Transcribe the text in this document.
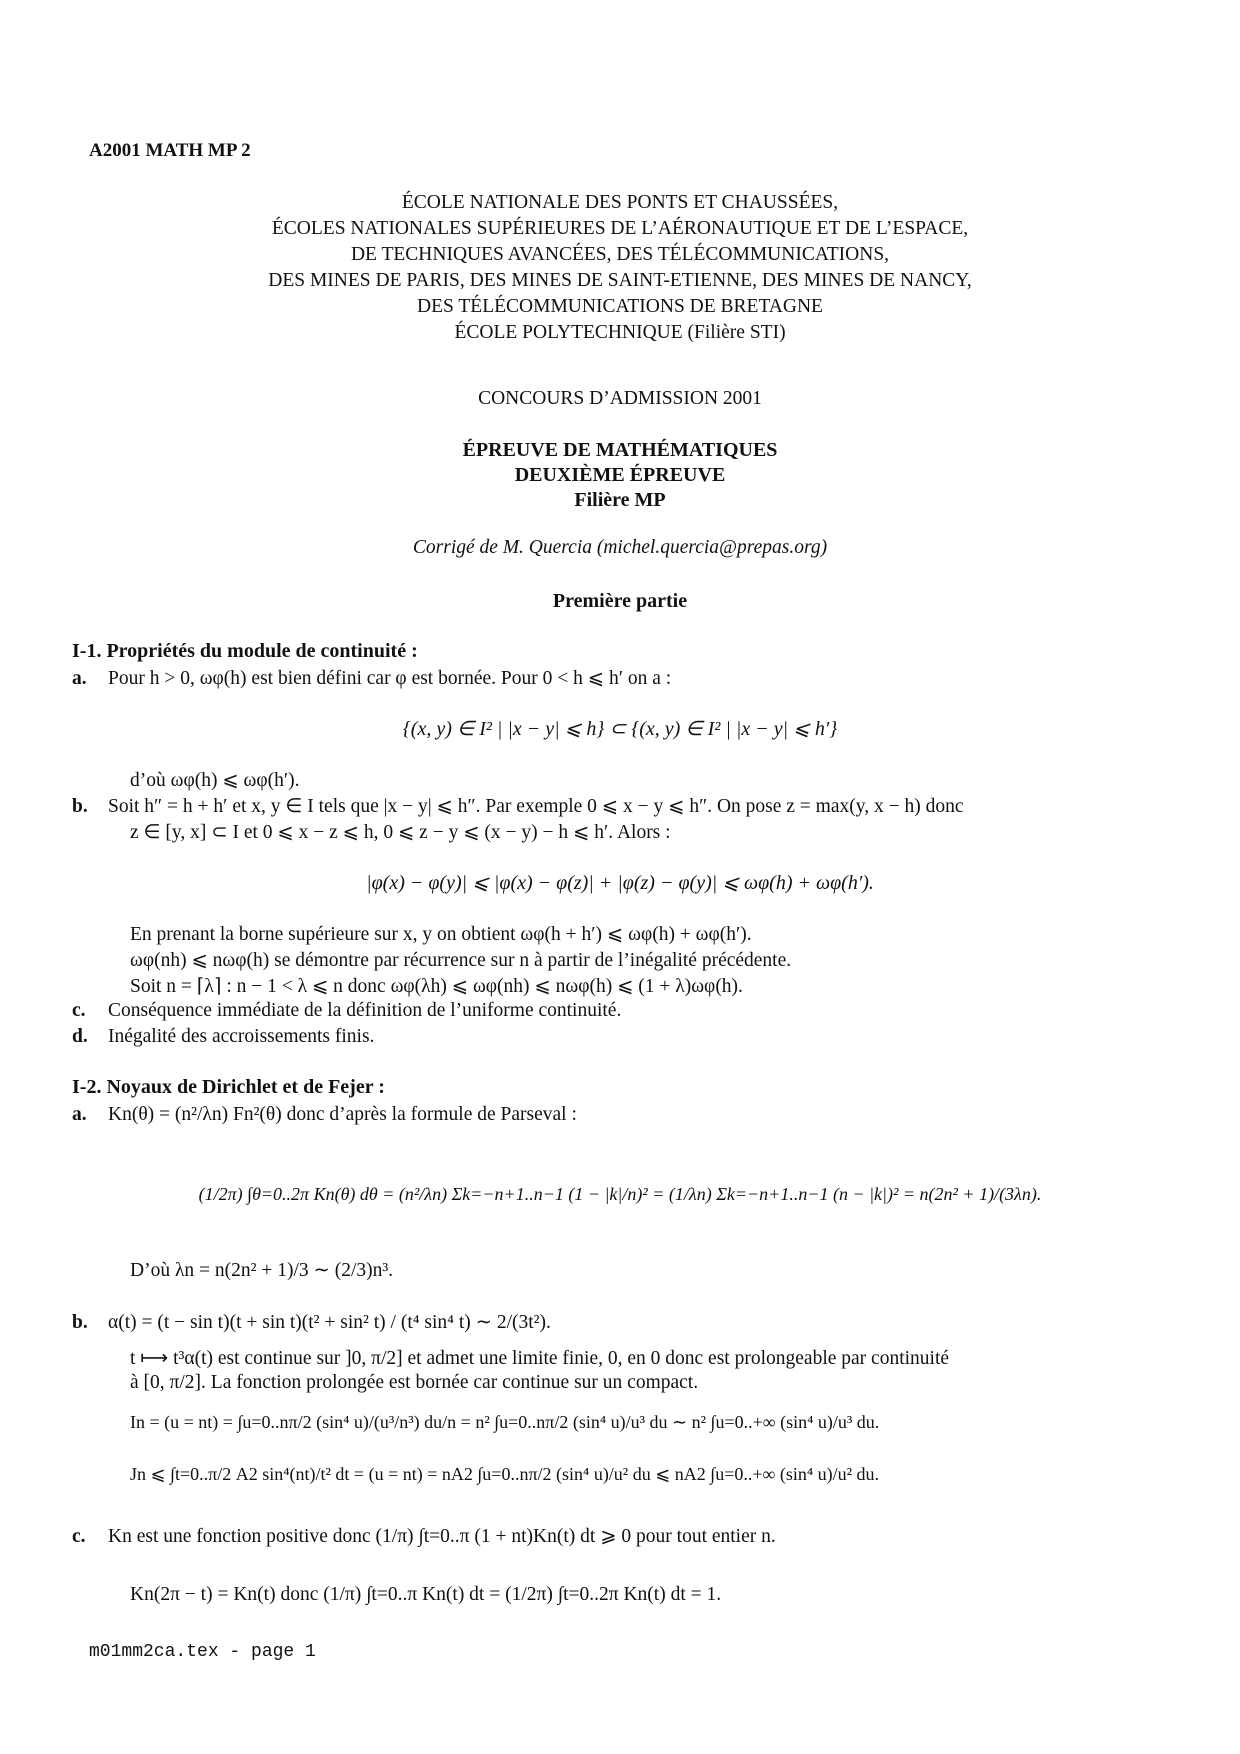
A2001 MATH MP 2
ÉCOLE NATIONALE DES PONTS ET CHAUSSÉES,
ÉCOLES NATIONALES SUPÉRIEURES DE L’AÉRONAUTIQUE ET DE L’ESPACE,
DE TECHNIQUES AVANCÉES, DES TÉLÉCOMMUNICATIONS,
DES MINES DE PARIS, DES MINES DE SAINT-ETIENNE, DES MINES DE NANCY,
DES TÉLÉCOMMUNICATIONS DE BRETAGNE
ÉCOLE POLYTECHNIQUE (Filière STI)
CONCOURS D’ADMISSION 2001
ÉPREUVE DE MATHÉMATIQUES
DEUXIÈME ÉPREUVE
Filière MP
Corrigé de M. Quercia (michel.quercia@prepas.org)
Première partie
I-1. Propriétés du module de continuité :
a. Pour h > 0, ωφ(h) est bien défini car φ est bornée. Pour 0 < h ⩽ h′ on a :
{(x, y) ∈ I² | |x − y| ⩽ h} ⊂ {(x, y) ∈ I² | |x − y| ⩽ h′}
d’où ωφ(h) ⩽ ωφ(h′).
b. Soit h″ = h + h′ et x, y ∈ I tels que |x − y| ⩽ h″. Par exemple 0 ⩽ x − y ⩽ h″. On pose z = max(y, x − h) donc
z ∈ [y, x] ⊂ I et 0 ⩽ x − z ⩽ h, 0 ⩽ z − y ⩽ (x − y) − h ⩽ h′. Alors :
|φ(x) − φ(y)| ⩽ |φ(x) − φ(z)| + |φ(z) − φ(y)| ⩽ ωφ(h) + ωφ(h′).
En prenant la borne supérieure sur x, y on obtient ωφ(h + h′) ⩽ ωφ(h) + ωφ(h′).
ωφ(nh) ⩽ nωφ(h) se démontre par récurrence sur n à partir de l’inégalité précédente.
Soit n = ⌈λ⌉ : n − 1 < λ ⩽ n donc ωφ(λh) ⩽ ωφ(nh) ⩽ nωφ(h) ⩽ (1 + λ)ωφ(h).
c. Conséquence immédiate de la définition de l’uniforme continuité.
d. Inégalité des accroissements finis.
I-2. Noyaux de Dirichlet et de Fejer :
a. Kn(θ) = (n²/λn) Fn²(θ) donc d’après la formule de Parseval :
(1/2π) ∫θ=0..2π Kn(θ) dθ = (n²/λn) Σk=−n+1..n−1 (1 − |k|/n)² = (1/λn) Σk=−n+1..n−1 (n − |k|)² = n(2n² + 1)/(3λn).
D’où λn = n(2n² + 1)/3 ∼ (2/3)n³.
b. α(t) = (t − sin t)(t + sin t)(t² + sin² t) / (t⁴ sin⁴ t) ∼ 2/(3t²).
t ⟼ t³α(t) est continue sur ]0, π/2] et admet une limite finie, 0, en 0 donc est prolongeable par continuité
à [0, π/2]. La fonction prolongée est bornée car continue sur un compact.
In = (u = nt) = ∫u=0..nπ/2 (sin⁴ u)/(u³/n³) du/n = n² ∫u=0..nπ/2 (sin⁴ u)/u³ du ∼ n² ∫u=0..+∞ (sin⁴ u)/u³ du.
Jn ⩽ ∫t=0..π/2 A2 sin⁴(nt)/t² dt = (u = nt) = nA2 ∫u=0..nπ/2 (sin⁴ u)/u² du ⩽ nA2 ∫u=0..+∞ (sin⁴ u)/u² du.
c. Kn est une fonction positive donc (1/π) ∫t=0..π (1 + nt)Kn(t) dt ⩾ 0 pour tout entier n.
Kn(2π − t) = Kn(t) donc (1/π) ∫t=0..π Kn(t) dt = (1/2π) ∫t=0..2π Kn(t) dt = 1.
m01mm2ca.tex - page 1
